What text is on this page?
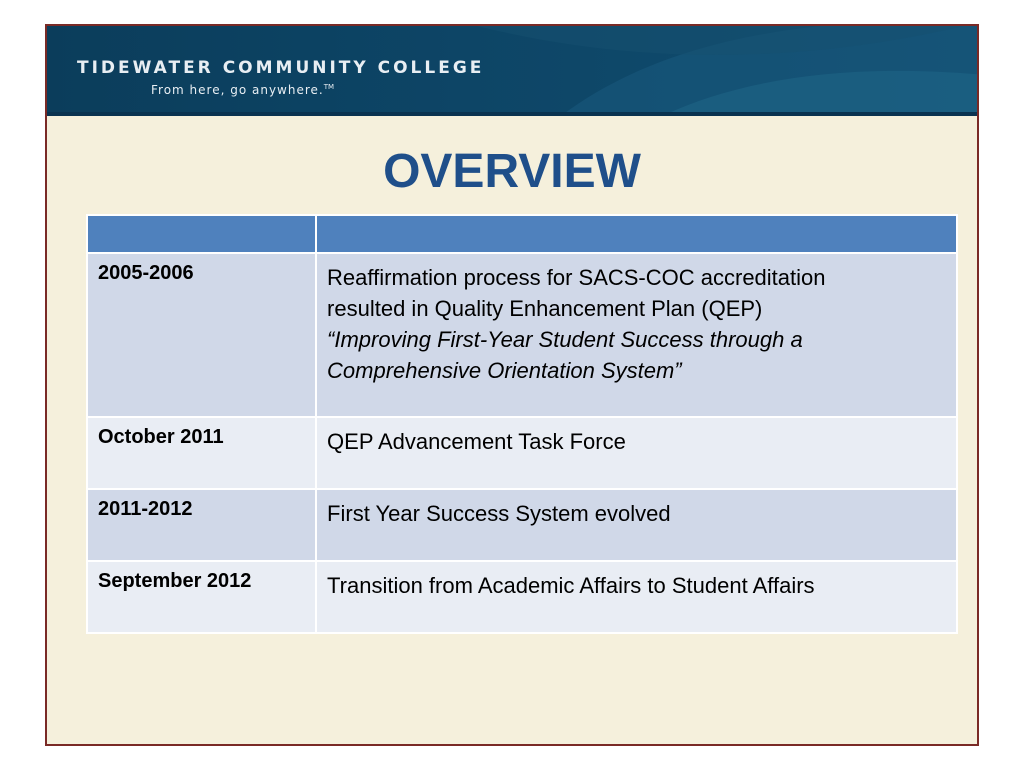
TIDEWATER COMMUNITY COLLEGE
From here, go anywhere.™
OVERVIEW

2005-2006	Reaffirmation process for SACS-COC accreditation
resulted in Quality Enhancement Plan (QEP)
“Improving First-Year Student Success through a
Comprehensive Orientation System”

October 2011	QEP Advancement Task Force

2011-2012	First Year Success System evolved

September 2012	Transition from Academic Affairs to Student Affairs
